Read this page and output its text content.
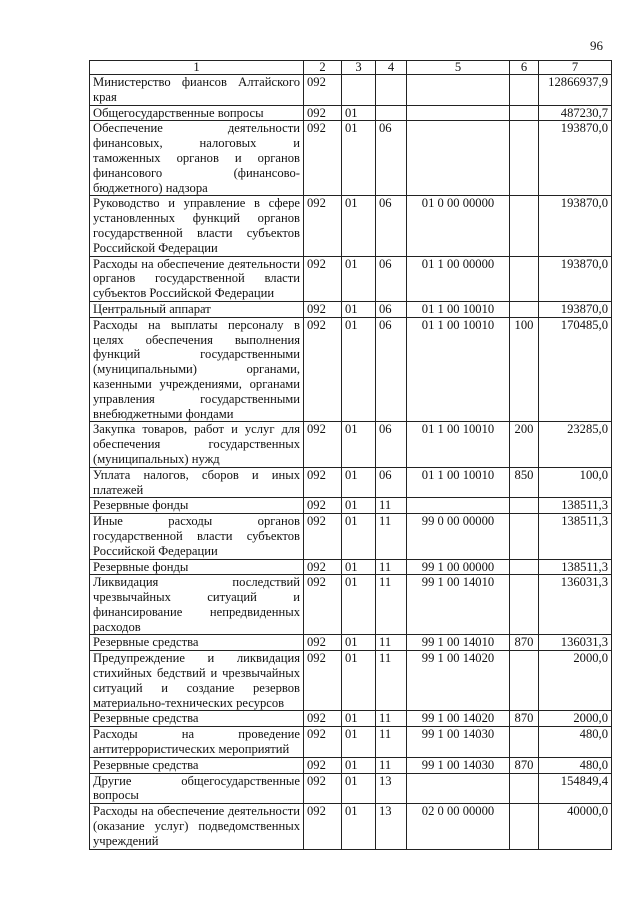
96
1	2	3	4	5	6	7
Министерство фиансов Алтайского края	092					12866937,9
Общегосударственные вопросы	092	01				487230,7
Обеспечение деятельности финансовых, налоговых и таможенных органов и органов финансового (финансово-бюджетного) надзора	092	01	06			193870,0
Руководство и управление в сфере установленных функций органов государственной власти субъектов Российской Федерации	092	01	06	01 0 00 00000		193870,0
Расходы на обеспечение деятельности органов государственной власти субъектов Российской Федерации	092	01	06	01 1 00 00000		193870,0
Центральный аппарат	092	01	06	01 1 00 10010		193870,0
Расходы на выплаты персоналу в целях обеспечения выполнения функций государственными (муниципальными) органами, казенными учреждениями, органами управления государственными внебюджетными фондами	092	01	06	01 1 00 10010	100	170485,0
Закупка товаров, работ и услуг для обеспечения государственных (муниципальных) нужд	092	01	06	01 1 00 10010	200	23285,0
Уплата налогов, сборов и иных платежей	092	01	06	01 1 00 10010	850	100,0
Резервные фонды	092	01	11			138511,3
Иные расходы органов государственной власти субъектов Российской Федерации	092	01	11	99 0 00 00000		138511,3
Резервные фонды	092	01	11	99 1 00 00000		138511,3
Ликвидация последствий чрезвычайных ситуаций и финансирование непредвиденных расходов	092	01	11	99 1 00 14010		136031,3
Резервные средства	092	01	11	99 1 00 14010	870	136031,3
Предупреждение и ликвидация стихийных бедствий и чрезвычайных ситуаций и создание резервов материально-технических ресурсов	092	01	11	99 1 00 14020		2000,0
Резервные средства	092	01	11	99 1 00 14020	870	2000,0
Расходы на проведение антитеррористических мероприятий	092	01	11	99 1 00 14030		480,0
Резервные средства	092	01	11	99 1 00 14030	870	480,0
Другие общегосударственные вопросы	092	01	13			154849,4
Расходы на обеспечение деятельности (оказание услуг) подведомственных учреждений	092	01	13	02 0 00 00000		40000,0
